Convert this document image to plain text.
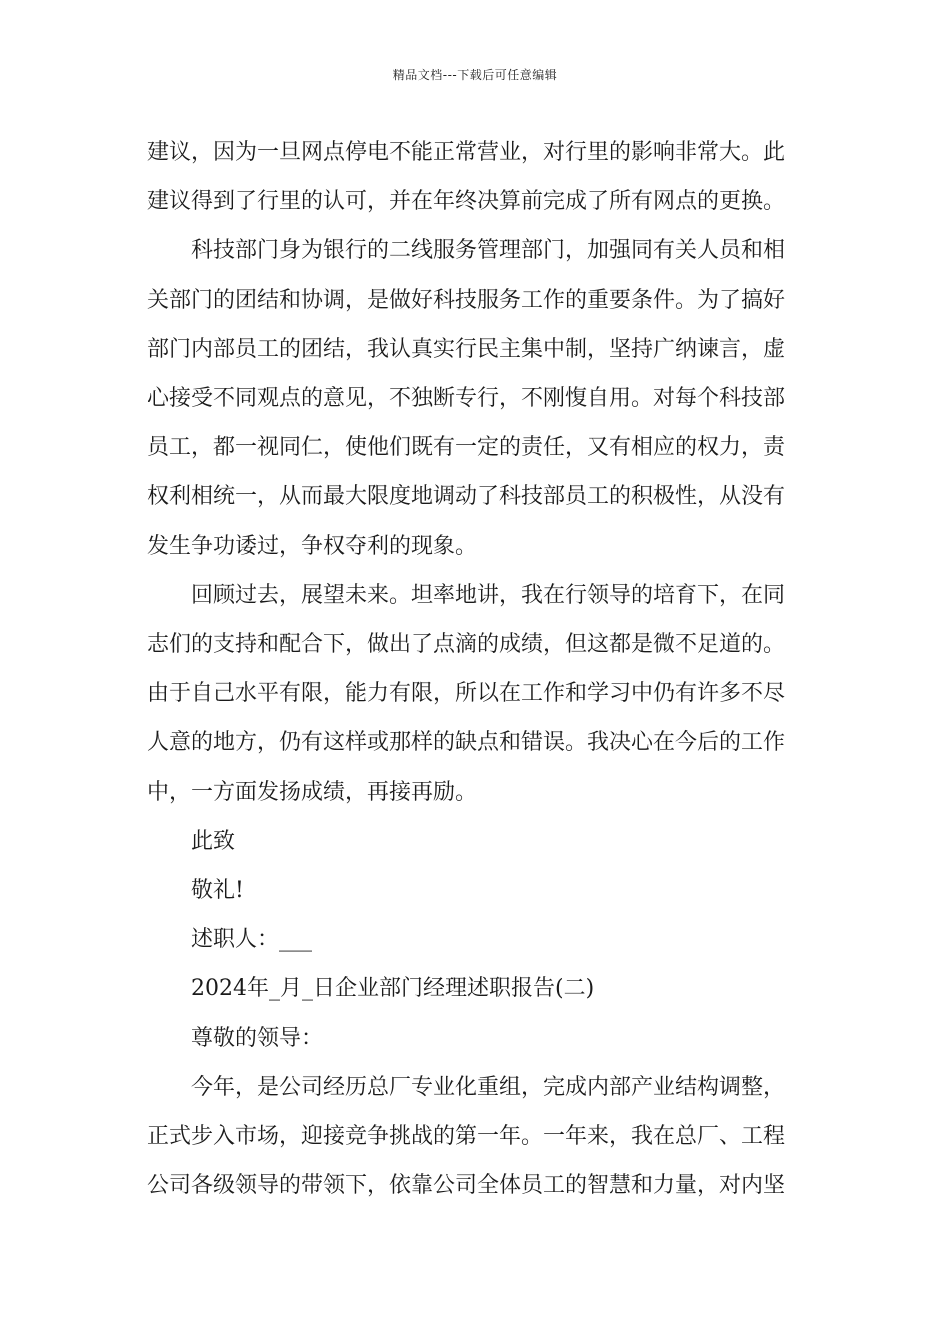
精品文档---下载后可任意编辑

建议，因为一旦网点停电不能正常营业，对行里的影响非常大。此
建议得到了行里的认可，并在年终决算前完成了所有网点的更换。

科技部门身为银行的二线服务管理部门，加强同有关人员和相
关部门的团结和协调，是做好科技服务工作的重要条件。为了搞好
部门内部员工的团结，我认真实行民主集中制，坚持广纳谏言，虚
心接受不同观点的意见，不独断专行，不刚愎自用。对每个科技部
员工，都一视同仁，使他们既有一定的责任，又有相应的权力，责
权利相统一，从而最大限度地调动了科技部员工的积极性，从没有
发生争功诿过，争权夺利的现象。

回顾过去，展望未来。坦率地讲，我在行领导的培育下，在同
志们的支持和配合下，做出了点滴的成绩，但这都是微不足道的。
由于自己水平有限，能力有限，所以在工作和学习中仍有许多不尽
人意的地方，仍有这样或那样的缺点和错误。我决心在今后的工作
中，一方面发扬成绩，再接再励。

此致

敬礼!

述职人：___

2024年_月_日企业部门经理述职报告(二)

尊敬的领导：

今年，是公司经历总厂专业化重组，完成内部产业结构调整，
正式步入市场，迎接竞争挑战的第一年。一年来，我在总厂、工程
公司各级领导的带领下，依靠公司全体员工的智慧和力量，对内坚
